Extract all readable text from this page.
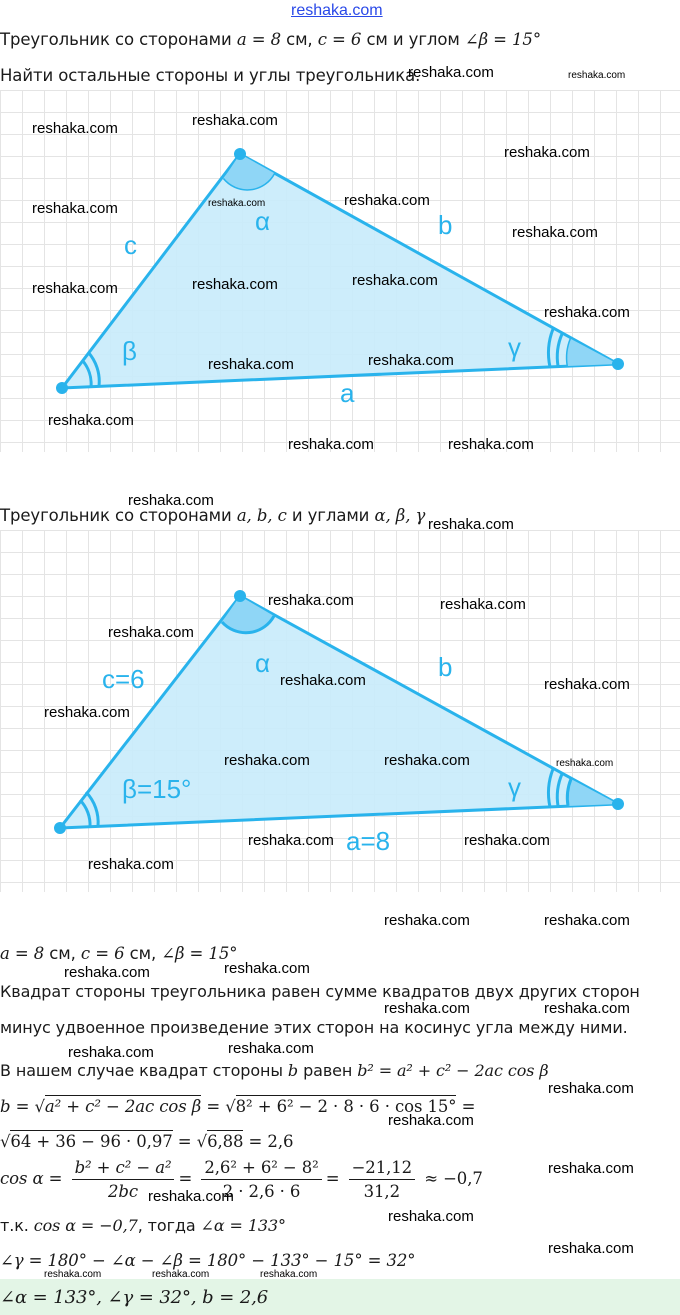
reshaka.com
Треугольник со сторонами a = 8 см, c = 6 см и углом ∠β = 15°
Найти остальные стороны и углы треугольника.
α
β	γ
a
b
c
Треугольник со сторонами a, b, c и углами α, β, γ
α
β=15°	γ
a=8
b
c=6
a = 8 см, c = 6 см, ∠β = 15°
Квадрат стороны треугольника равен сумме квадратов двух других сторон
минус удвоенное произведение этих сторон на косинус угла между ними.
В нашем случае квадрат стороны b равен b² = a² + c² − 2ac cos β
b = √a² + c² − 2ac cos β = √8² + 6² − 2 · 8 · 6 · cos 15° =
√64 + 36 − 96 · 0,97 = √6,88 = 2,6
$\cos \alpha = \frac{\text{b² + c² − a²}}{2bc} = \frac{\text{2,6² + 6² − 8²}}{2 \cdot 2,6 \cdot 6} = \frac{-21,12}{31,2} \approx -0,7$
т.к. cos α = −0,7, тогда ∠α = 133°
∠γ = 180° − ∠α − ∠β = 180° − 133° − 15° = 32°
∠α = 133°, ∠γ = 32°, b = 2,6
reshaka.com	reshaka.com
reshaka.com	reshaka.com
reshaka.com
reshaka.com
reshaka.com
reshaka.com
reshaka.com
reshaka.com
reshaka.com
reshaka.com
reshaka.com
reshaka.com
reshaka.com
reshaka.com
reshaka.com	reshaka.com
reshaka.com
reshaka.com
reshaka.com	reshaka.com
reshaka.com
reshaka.com	reshaka.com
reshaka.com
reshaka.com	reshaka.com	reshaka.com
reshaka.com	reshaka.com
reshaka.com
reshaka.com	reshaka.com
reshaka.com
reshaka.com
reshaka.com	reshaka.com
reshaka.com
reshaka.com
reshaka.com
reshaka.com
reshaka.com
reshaka.com
reshaka.com
reshaka.com
reshaka.com	reshaka.com	reshaka.com
